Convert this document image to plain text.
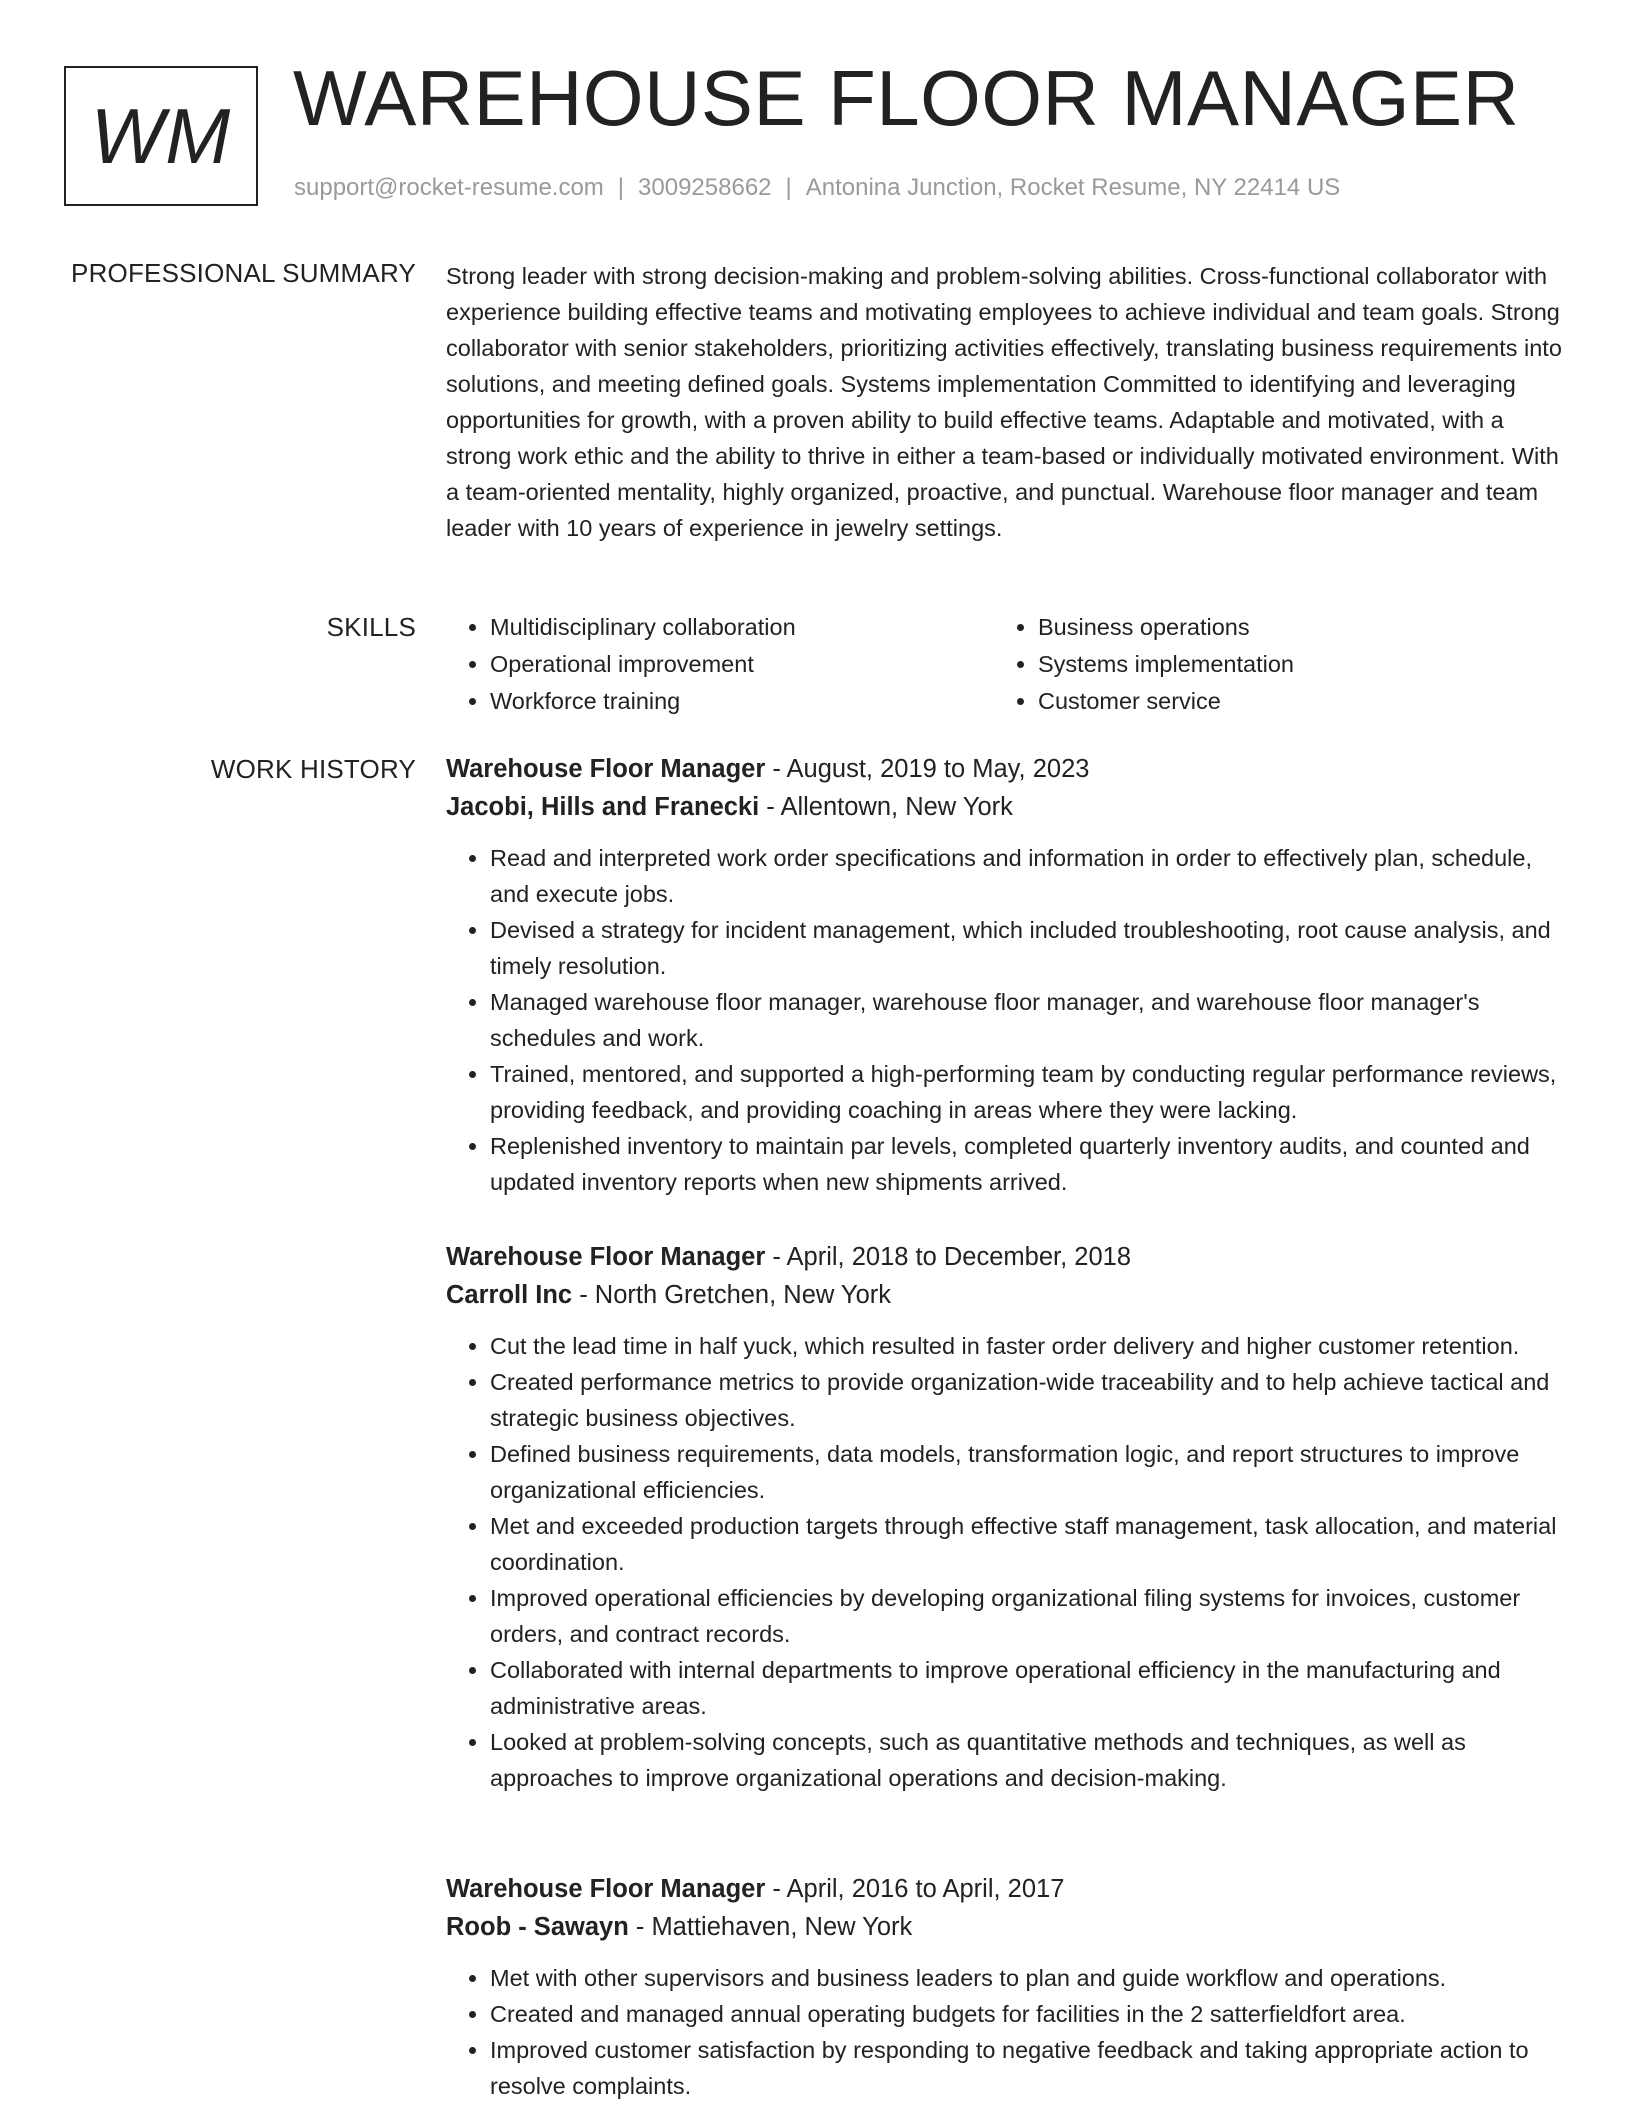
WM WAREHOUSE FLOOR MANAGER
support@rocket-resume.com | 3009258662 | Antonina Junction, Rocket Resume, NY 22414 US
PROFESSIONAL SUMMARY Strong leader with strong decision-making and problem-solving abilities. Cross-functional collaborator with experience building effective teams and motivating employees to achieve individual and team goals. Strong collaborator with senior stakeholders, prioritizing activities effectively, translating business requirements into solutions, and meeting defined goals. Systems implementation Committed to identifying and leveraging opportunities for growth, with a proven ability to build effective teams. Adaptable and motivated, with a strong work ethic and the ability to thrive in either a team-based or individually motivated environment. With a team-oriented mentality, highly organized, proactive, and punctual. Warehouse floor manager and team leader with 10 years of experience in jewelry settings.

SKILLS
•	Multidisciplinary collaboration
• Operational improvement
• Workforce training
• Business operations
• Systems implementation
• Customer service
WORK HISTORY Warehouse Floor Manager - August, 2019 to May, 2023
Jacobi, Hills and Franecki - Allentown, New York
• Read and interpreted work order specifications and information in order to effectively plan, schedule, and execute jobs.
• Devised a strategy for incident management, which included troubleshooting, root cause analysis, and timely resolution.
• Managed warehouse floor manager, warehouse floor manager, and warehouse floor manager's schedules and work.
• Trained, mentored, and supported a high-performing team by conducting regular performance reviews, providing feedback, and providing coaching in areas where they were lacking.
• Replenished inventory to maintain par levels, completed quarterly inventory audits, and counted and updated inventory reports when new shipments arrived.
Warehouse Floor Manager - April, 2018 to December, 2018
Carroll Inc - North Gretchen, New York
• Cut the lead time in half yuck, which resulted in faster order delivery and higher customer retention.
• Created performance metrics to provide organization-wide traceability and to help achieve tactical and strategic business objectives.
• Defined business requirements, data models, transformation logic, and report structures to improve organizational efficiencies.
• Met and exceeded production targets through effective staff management, task allocation, and material coordination.
• Improved operational efficiencies by developing organizational filing systems for invoices, customer orders, and contract records.
• Collaborated with internal departments to improve operational efficiency in the manufacturing and administrative areas.
• Looked at problem-solving concepts, such as quantitative methods and techniques, as well as approaches to improve organizational operations and decision-making.
Warehouse Floor Manager - April, 2016 to April, 2017
Roob - Sawayn - Mattiehaven, New York
• Met with other supervisors and business leaders to plan and guide workflow and operations.
• Created and managed annual operating budgets for facilities in the 2 satterfieldfort area.
• Improved customer satisfaction by responding to negative feedback and taking appropriate action to resolve complaints.
